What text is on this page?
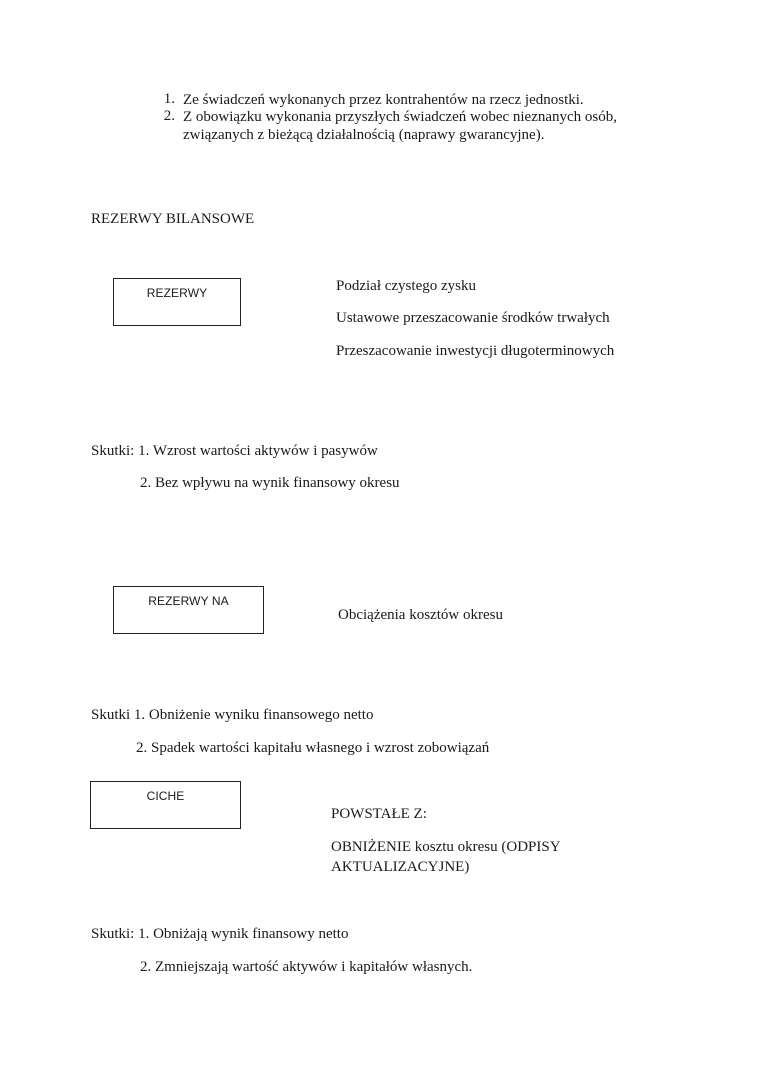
1. Ze świadczeń wykonanych przez kontrahentów na rzecz jednostki.
2. Z obowiązku wykonania przyszłych świadczeń wobec nieznanych osób,
związanych z bieżącą działalnością (naprawy gwarancyjne).
REZERWY BILANSOWE
REZERWY	Podział czystego zysku
Ustawowe przeszacowanie środków trwałych
Przeszacowanie inwestycji długoterminowych
Skutki: 1. Wzrost wartości aktywów i pasywów
2. Bez wpływu na wynik finansowy okresu
REZERWY NA
Obciążenia kosztów okresu
Skutki 1. Obniżenie wyniku finansowego netto
2. Spadek wartości kapitału własnego i wzrost zobowiązań
CICHE
POWSTAŁE Z:
OBNIŻENIE kosztu okresu (ODPISY
AKTUALIZACYJNE)
Skutki: 1. Obniżają wynik finansowy netto
2. Zmniejszają wartość aktywów i kapitałów własnych.
